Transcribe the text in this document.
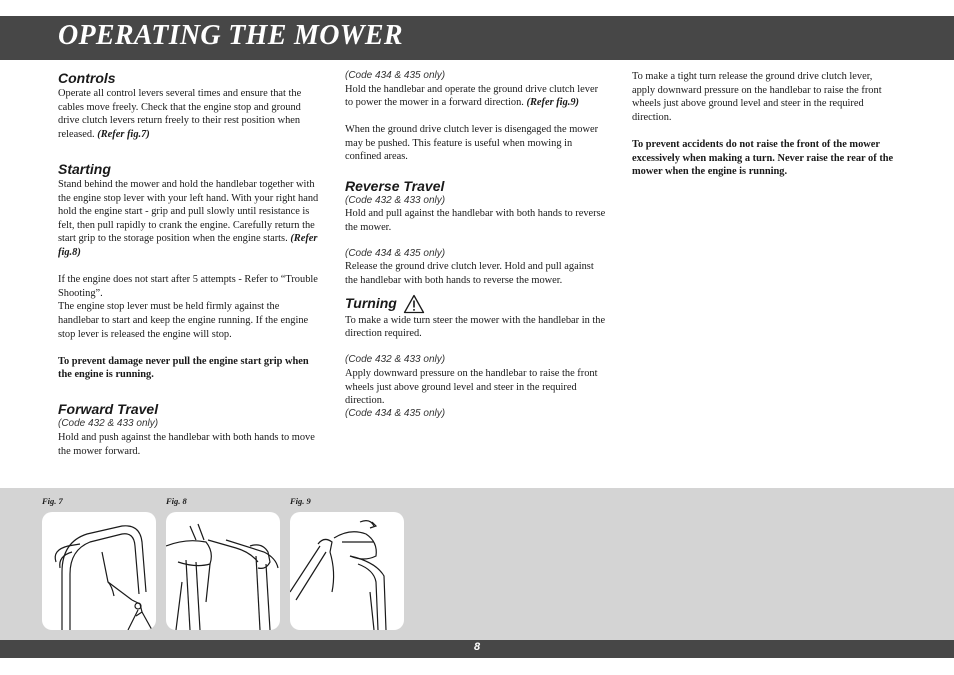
OPERATING THE MOWER
Controls

Operate all control levers several times and ensure that the cables move freely. Check that the engine stop and ground drive clutch levers return freely to their rest position when released. (Refer fig.7)

Starting

Stand behind the mower and hold the handlebar together with the engine stop lever with your left hand. With your right hand hold the engine start - grip and pull slowly until resistance is felt, then pull rapidly to crank the engine. Carefully return the start grip to the storage position when the engine starts. (Refer fig.8)

If the engine does not start after 5 attempts - Refer to “Trouble Shooting”.

The engine stop lever must be held firmly against the handlebar to start and keep the engine running. If the engine stop lever is released the engine will stop.

To prevent damage never pull the engine start grip when the engine is running.

Forward Travel
(Code 432 & 433 only)

Hold and push against the handlebar with both hands to move the mower forward.

(Code 434 & 435 only)

Hold the handlebar and operate the ground drive clutch lever to power the mower in a forward direction. (Refer fig.9)

When the ground drive clutch lever is disengaged the mower may be pushed. This feature is useful when mowing in confined areas.

Reverse Travel
(Code 432 & 433 only)

Hold and pull against the handlebar with both hands to reverse the mower.

(Code 434 & 435 only)

Release the ground drive clutch lever. Hold and pull against the handlebar with both hands to reverse the mower.

Turning

To make a wide turn steer the mower with the handlebar in the direction required.

(Code 432 & 433 only)

Apply downward pressure on the handlebar to raise the front wheels just above ground level and steer in the required direction.

(Code 434 & 435 only)

To make a tight turn release the ground drive clutch lever, apply downward pressure on the handlebar to raise the front wheels just above ground level and steer in the required direction.

To prevent accidents do not raise the front of the mower excessively when making a turn. Never raise the rear of the mower when the engine is running.

Fig. 7	Fig. 8	Fig. 9
8
